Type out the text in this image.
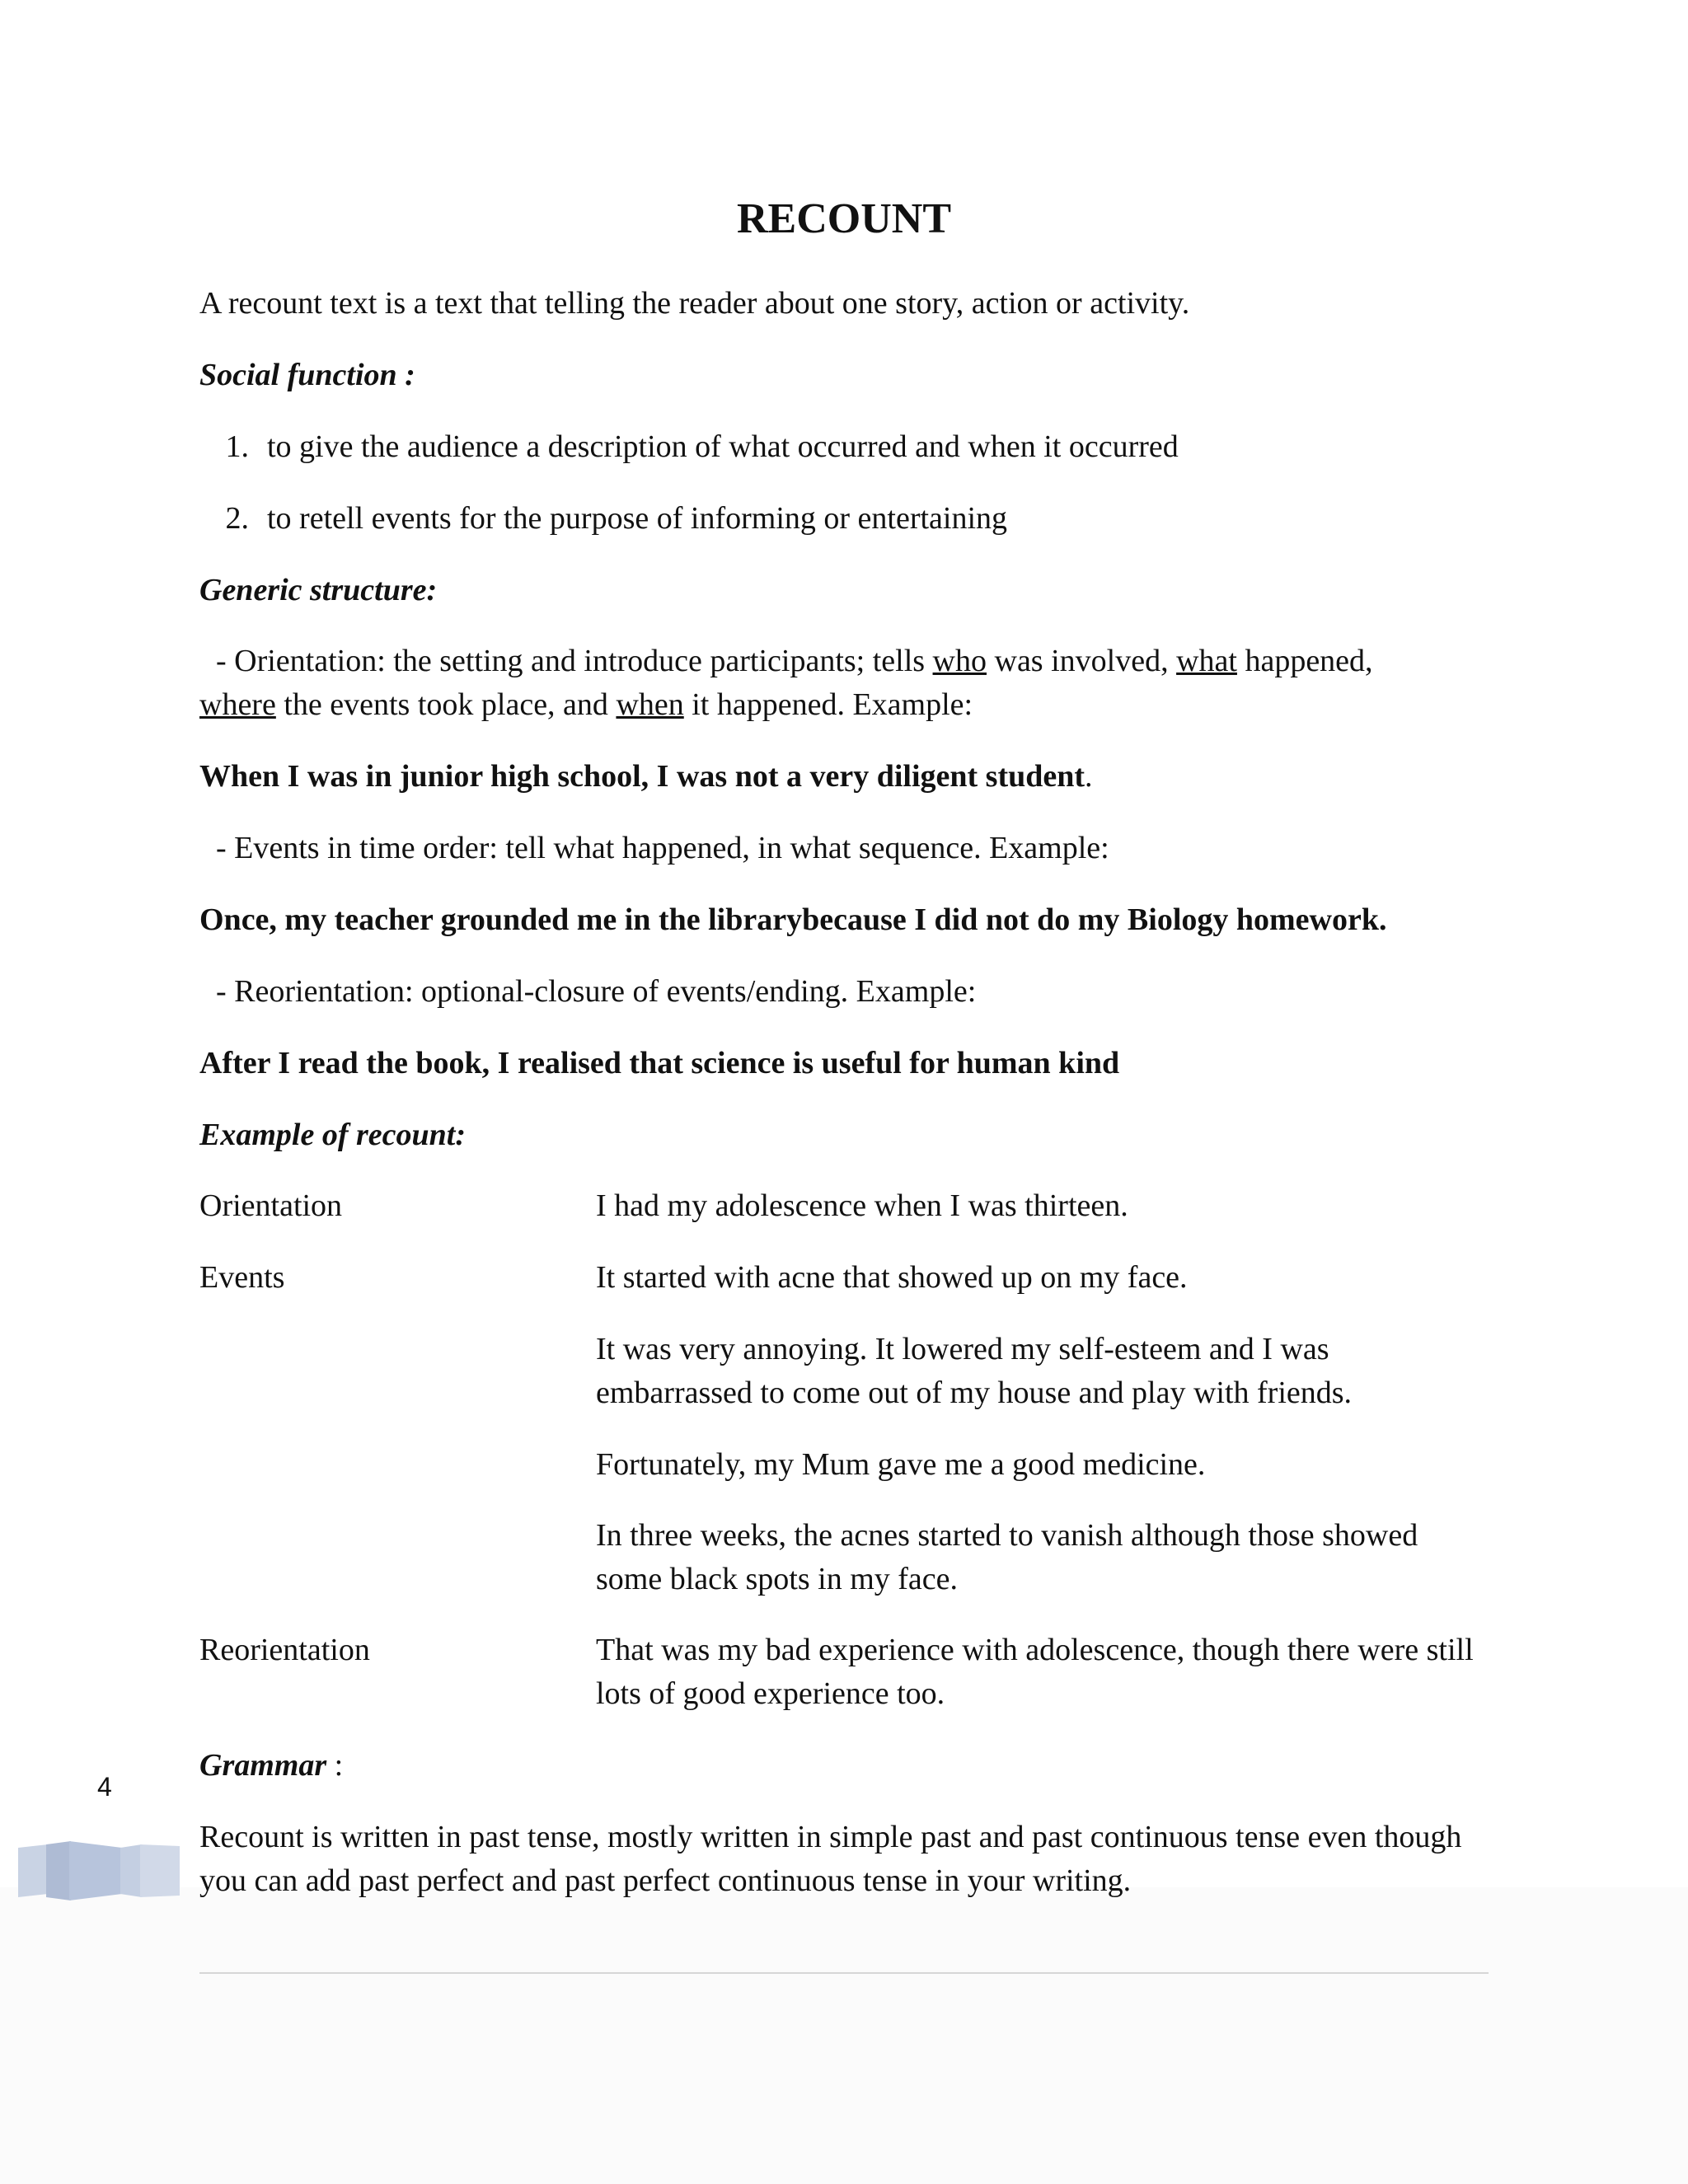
RECOUNT

A recount text is a text that telling the reader about one story, action or activity.

Social function :

1. to give the audience a description of what occurred and when it occurred

2. to retell events for the purpose of informing or entertaining

Generic structure:

- Orientation: the setting and introduce participants; tells who was involved, what happened,

where the events took place, and when it happened. Example:

When I was in junior high school, I was not a very diligent student.

- Events in time order: tell what happened, in what sequence. Example:

Once, my teacher grounded me in the librarybecause I did not do my Biology homework.

- Reorientation: optional-closure of events/ending. Example:

After I read the book, I realised that science is useful for human kind

Example of recount:

Orientation	I had my adolescence when I was thirteen.

Events	It started with acne that showed up on my face.

It was very annoying. It lowered my self-esteem and I was embarrassed to come out of my house and play with friends.

Fortunately, my Mum gave me a good medicine.

In three weeks, the acnes started to vanish although those showed some black spots in my face.

Reorientation	That was my bad experience with adolescence, though there were still lots of good experience too.

Grammar :

Recount is written in past tense, mostly written in simple past and past continuous tense even though you can add past perfect and past perfect continuous tense in your writing.

4
